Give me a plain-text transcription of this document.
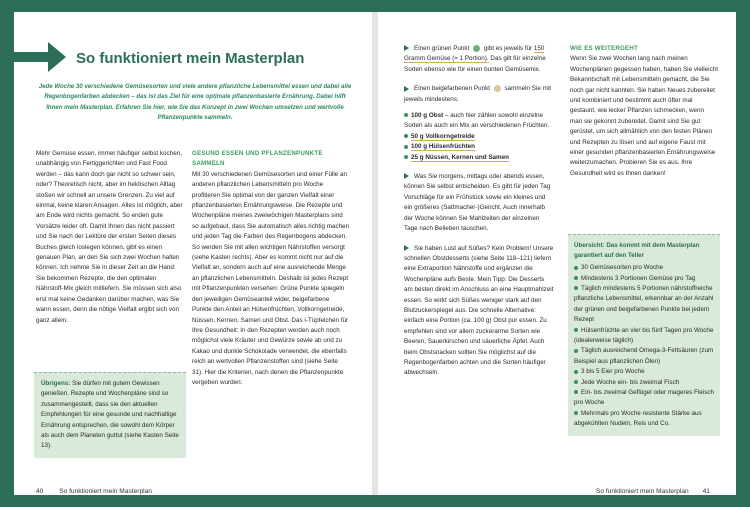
So funktioniert mein Masterplan
Jede Woche 30 verschiedene Gemüsesorten und viele andere pflanzliche Lebensmittel essen und dabei alle Regenbogenfarben abdecken – das ist das Ziel für eine optimale pflanzenbasierte Ernährung. Dabei hilft Ihnen mein Masterplan. Erfahren Sie hier, wie Sie das Konzept in zwei Wochen umsetzen und wertvolle Pflanzenpunkte sammeln.

Mehr Gemüse essen, immer häufiger selbst kochen, unabhängig von Fertiggerichten und Fast Food werden – das kann doch gar nicht so schwer sein, oder? Theoretisch nicht, aber im hektischen Alltag stoßen wir schnell an unsere Grenzen. Zu viel auf einmal, keine klaren Ansagen. Alles ist möglich, aber am Ende wird nichts gemacht. So enden gute Vorsätze leider oft. Damit Ihnen das nicht passiert und Sie nach der Lektüre der ersten Seiten dieses Buches gleich loslegen können, gibt es einen genauen Plan, an den Sie sich zwei Wochen halten können. Ich nehme Sie in dieser Zeit an die Hand: Sie bekommen Rezepte, die den optimalen Nährstoff-Mix gleich mitliefern. Sie müssen sich also erst mal keine Gedanken darüber machen, was Sie wann essen, denn die nötige Vielfalt ergibt sich von ganz allein.

Übrigens: Sie dürfen mit gutem Gewissen genießen. Rezepte und Wochenpläne sind so zusammengestellt, dass sie den aktuellen Empfehlungen für eine gesunde und nachhaltige Ernährung entsprechen, die sowohl dem Körper als auch dem Planeten guttut (siehe Kasten Seite 13).
GESUND ESSEN UND PFLANZENPUNKTE SAMMELN

Mit 30 verschiedenen Gemüsesorten und einer Fülle an anderen pflanzlichen Lebensmitteln pro Woche profitieren Sie optimal von der ganzen Vielfalt einer pflanzenbasierten Ernährungsweise. Die Rezepte und Wochenpläne meines zweiwöchigen Masterplans sind so aufgebaut, dass Sie automatisch alles richtig machen und jeden Tag die Farben des Regenbogens abdecken. So werden Sie mit allen wichtigen Nährstoffen versorgt (siehe Kasten rechts). Aber es kommt nicht nur auf die Vielfalt an, sondern auch auf eine ausreichende Menge an pflanzlichen Lebensmitteln. Deshalb ist jedes Rezept mit Pflanzenpunkten versehen: Grüne Punkte spiegeln den jeweiligen Gemüseanteil wider, beigefarbene Punkte den Anteil an Hülsenfrüchten, Vollkorngetreide, Nüssen, Kernen, Samen und Obst. Das i-Tüpfelchen für Ihre Gesundheit: In den Rezepten werden auch noch möglichst viele Kräuter und Gewürze sowie ab und zu Kakao und dunkle Schokolade verwendet, die ebenfalls reich an wertvollen Pflanzenstoffen sind (siehe Seite 31). Hier die Kriterien, nach denen die Pflanzenpunkte vergeben wurden:

40 So funktioniert mein Masterplan
Einen grünen Punkt gibt es jeweils für 150 Gramm Gemüse (≈ 1 Portion). Das gilt für einzelne Sorten ebenso wie für einen bunten Gemüsemix.
Einen beigefarbenen Punkt sammeln Sie mit jeweils mindestens:
100 g Obst – auch hier zählen sowohl einzelne Sorten als auch ein Mix an verschiedenen Früchten.
50 g Vollkorngetreide
100 g Hülsenfrüchten
25 g Nüssen, Kernen und Samen
Was Sie morgens, mittags oder abends essen, können Sie selbst entscheiden. Es gibt für jeden Tag Vorschläge für ein Frühstück sowie ein kleines und ein größeres (Sattmacher-)Gericht. Auch innerhalb der Woche können Sie Mahlzeiten der einzelnen Tage nach Belieben tauschen.
Sie haben Lust auf Süßes? Kein Problem! Unsere schnellen Obstdesserts (siehe Seite 118–121) liefern eine Extraportion Nährstoffe und ergänzen die Wochenpläne aufs Beste. Mein Tipp: Die Desserts am besten direkt im Anschluss an eine Hauptmahlzeit essen. So wirkt sich Süßes weniger stark auf den Blutzuckerspiegel aus. Die schnelle Alternative: einfach eine Portion (ca. 100 g) Obst pur essen. Zu empfehlen sind vor allem zuckerarme Sorten wie Beeren, Sauerkirschen und säuerliche Äpfel. Auch beim Obstsnacken sollten Sie möglichst auf die Regenbogenfarben achten und die Sorten häufiger abwechseln.
WIE ES WEITERGEHT

Wenn Sie zwei Wochen lang nach meinen Wochenplänen gegessen haben, haben Sie vielleicht Bekanntschaft mit Lebensmitteln gemacht, die Sie noch gar nicht kannten. Sie haben Neues zubereitet und kombiniert und bestimmt auch öfter mal gestaunt, wie lecker Pflanzen schmecken, wenn man sie gekonnt zubereitet. Damit sind Sie gut gerüstet, um sich allmählich von den festen Plänen und Rezepten zu lösen und auf eigene Faust mit einer gesunden pflanzenbasierten Ernährungsweise weiterzumachen. Probieren Sie es aus. Ihre Gesundheit wird es Ihnen danken!

Übersicht: Das kommt mit dem Masterplan garantiert auf den Teller
30 Gemüsesorten pro Woche
Mindestens 3 Portionen Gemüse pro Tag
Täglich mindestens 5 Portionen nährstoffreiche pflanzliche Lebensmittel, erkennbar an der Anzahl der grünen und beigefarbenen Punkte bei jedem Rezept
Hülsenfrüchte an vier bis fünf Tagen pro Woche (idealerweise täglich)
Täglich ausreichend Omega-3-Fettsäuren (zum Beispiel aus pflanzlichen Ölen)
3 bis 5 Eier pro Woche
Jede Woche ein- bis zweimal Fisch
Ein- bis zweimal Geflügel oder mageres Fleisch pro Woche
Mehrmals pro Woche resistente Stärke aus abgekühlten Nudeln, Reis und Co.
So funktioniert mein Masterplan 41
